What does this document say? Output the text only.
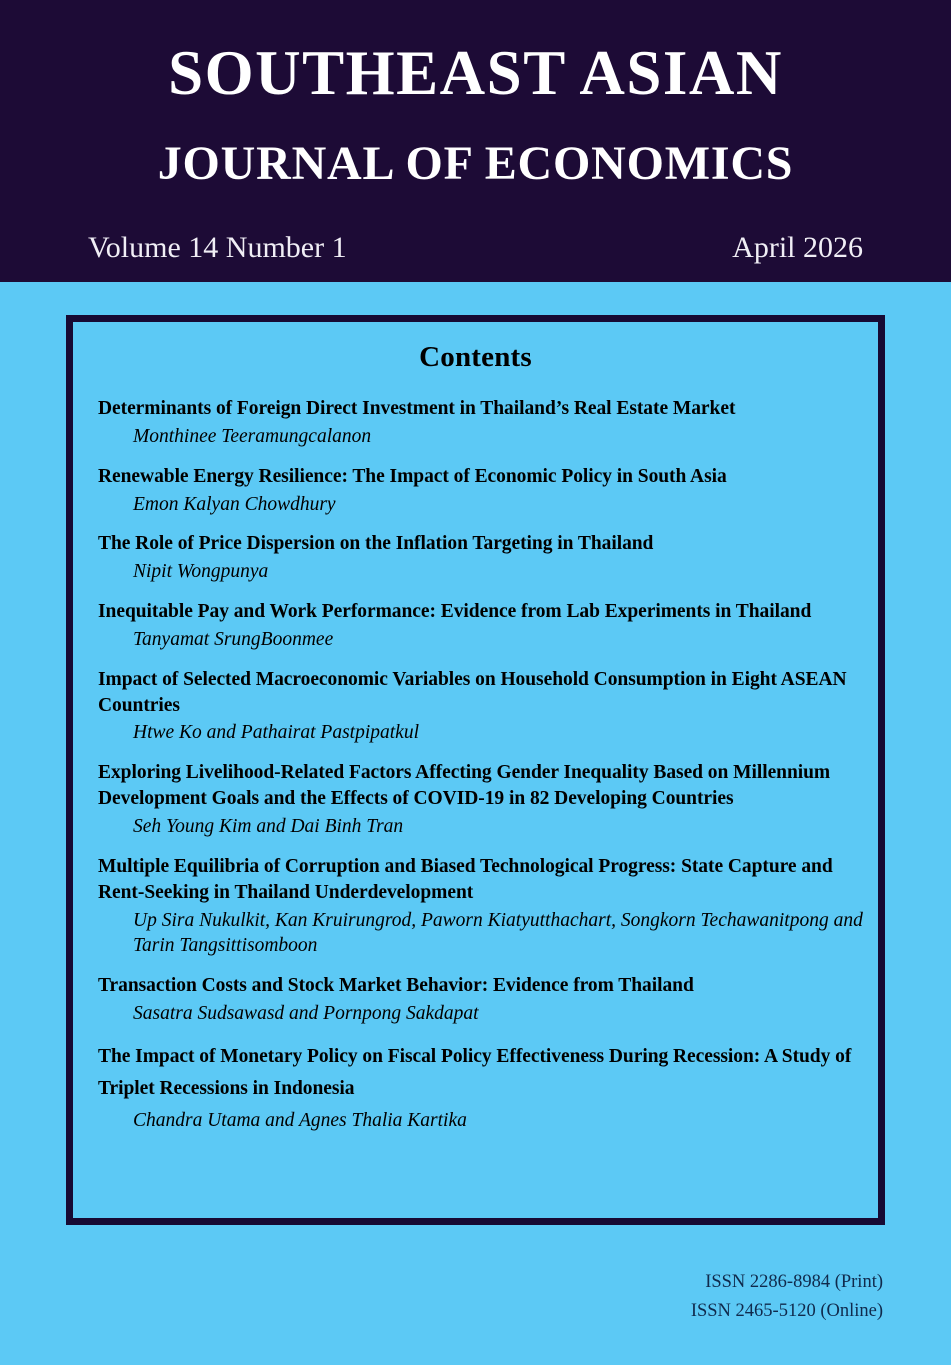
SOUTHEAST ASIAN
JOURNAL OF ECONOMICS
Volume 14 Number 1	April 2026
Contents
Determinants of Foreign Direct Investment in Thailand’s Real Estate Market
Monthinee Teeramungcalanon
Renewable Energy Resilience: The Impact of Economic Policy in South Asia
Emon Kalyan Chowdhury
The Role of Price Dispersion on the Inflation Targeting in Thailand
Nipit Wongpunya
Inequitable Pay and Work Performance: Evidence from Lab Experiments in Thailand
Tanyamat SrungBoonmee
Impact of Selected Macroeconomic Variables on Household Consumption in Eight ASEAN Countries
Htwe Ko and Pathairat Pastpipatkul
Exploring Livelihood-Related Factors Affecting Gender Inequality Based on Millennium Development Goals and the Effects of COVID-19 in 82 Developing Countries
Seh Young Kim and Dai Binh Tran
Multiple Equilibria of Corruption and Biased Technological Progress: State Capture and Rent-Seeking in Thailand Underdevelopment
Up Sira Nukulkit, Kan Kruirungrod, Paworn Kiatyutthachart, Songkorn Techawanitpong and Tarin Tangsittisomboon
Transaction Costs and Stock Market Behavior: Evidence from Thailand
Sasatra Sudsawasd and Pornpong Sakdapat
The Impact of Monetary Policy on Fiscal Policy Effectiveness During Recession: A Study of Triplet Recessions in Indonesia
Chandra Utama and Agnes Thalia Kartika
ISSN 2286-8984 (Print)
ISSN 2465-5120 (Online)
